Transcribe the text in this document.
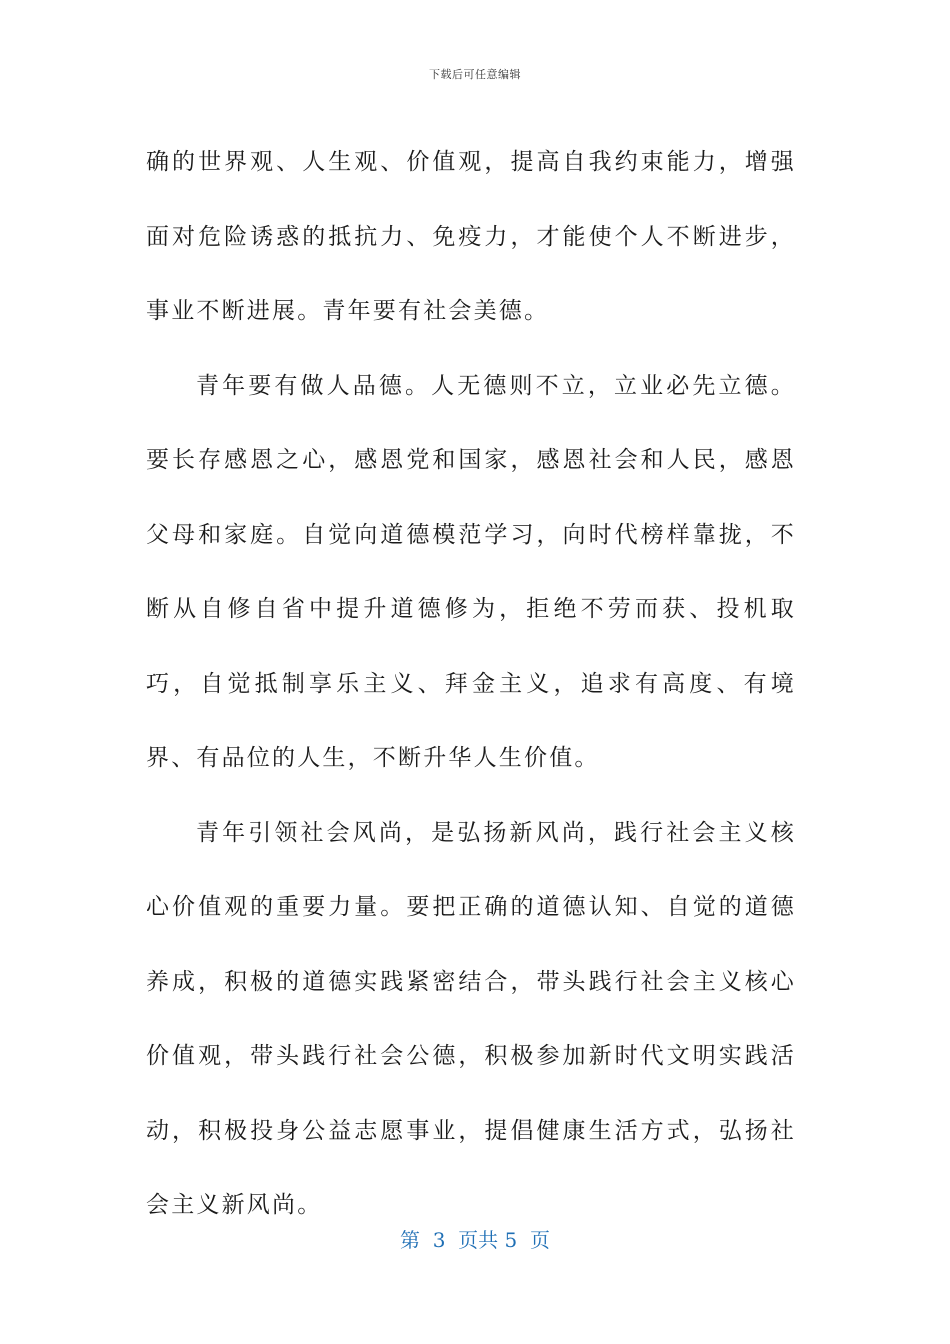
下载后可任意编辑

确的世界观、人生观、价值观，提高自我约束能力，增强面对危险诱惑的抵抗力、免疫力，才能使个人不断进步，事业不断进展。青年要有社会美德。

青年要有做人品德。人无德则不立，立业必先立德。要长存感恩之心，感恩党和国家，感恩社会和人民，感恩父母和家庭。自觉向道德模范学习，向时代榜样靠拢，不断从自修自省中提升道德修为，拒绝不劳而获、投机取巧，自觉抵制享乐主义、拜金主义，追求有高度、有境界、有品位的人生，不断升华人生价值。

青年引领社会风尚，是弘扬新风尚，践行社会主义核心价值观的重要力量。要把正确的道德认知、自觉的道德养成，积极的道德实践紧密结合，带头践行社会主义核心价值观，带头践行社会公德，积极参加新时代文明实践活动，积极投身公益志愿事业，提倡健康生活方式，弘扬社会主义新风尚。

第  3  页共 5  页
